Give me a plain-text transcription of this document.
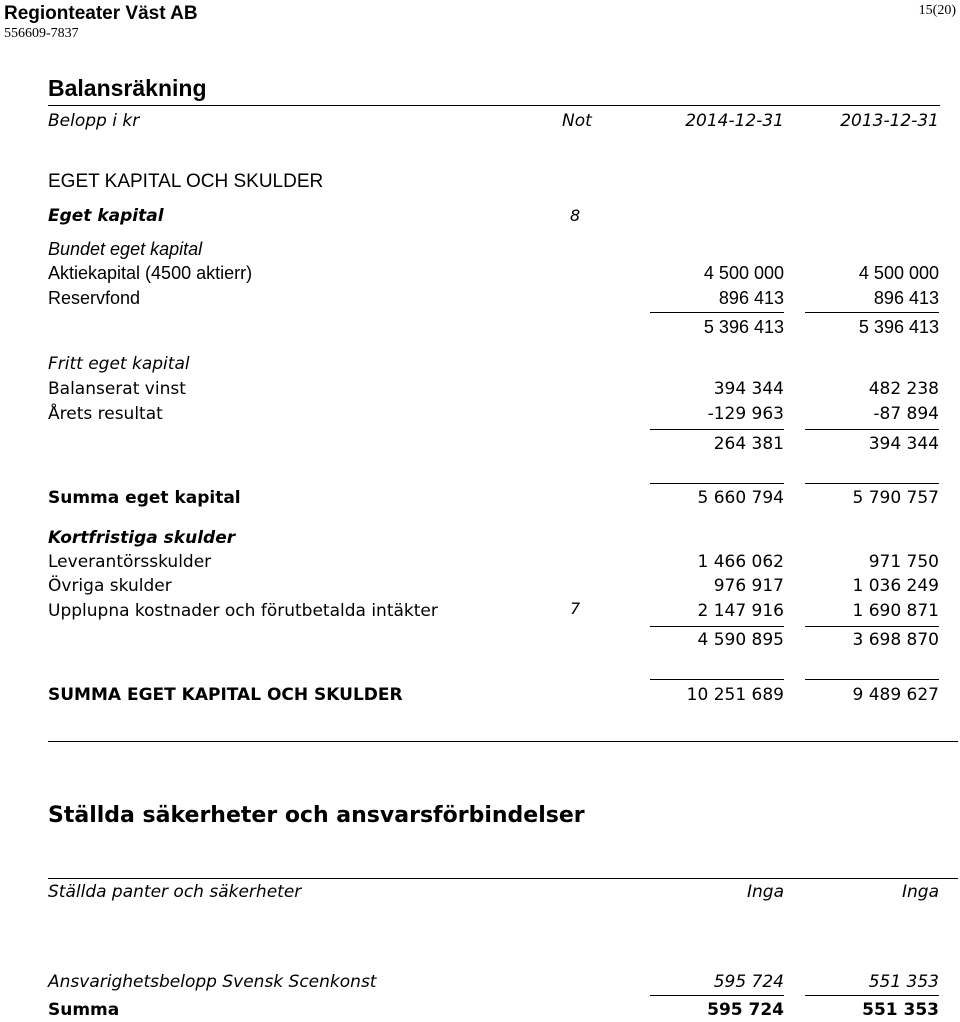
Regionteater Väst AB
556609-7837
15(20)
Balansräkning
Belopp i kr	Not	2014-12-31	2013-12-31
EGET KAPITAL OCH SKULDER
Eget kapital	8
Bundet eget kapital
Aktiekapital (4500 aktierr)	4 500 000	4 500 000
Reservfond	896 413	896 413
5 396 413	5 396 413
Fritt eget kapital
Balanserat vinst	394 344	482 238
Årets resultat	-129 963	-87 894
264 381	394 344
Summa eget kapital	5 660 794	5 790 757
Kortfristiga skulder
Leverantörsskulder	1 466 062	971 750
Övriga skulder	976 917	1 036 249
Upplupna kostnader och förutbetalda intäkter	7	2 147 916	1 690 871
4 590 895	3 698 870
SUMMA EGET KAPITAL OCH SKULDER	10 251 689	9 489 627
Ställda säkerheter och ansvarsförbindelser
Ställda panter och säkerheter	Inga	Inga
Ansvarighetsbelopp Svensk Scenkonst	595 724	551 353
Summa	595 724	551 353
